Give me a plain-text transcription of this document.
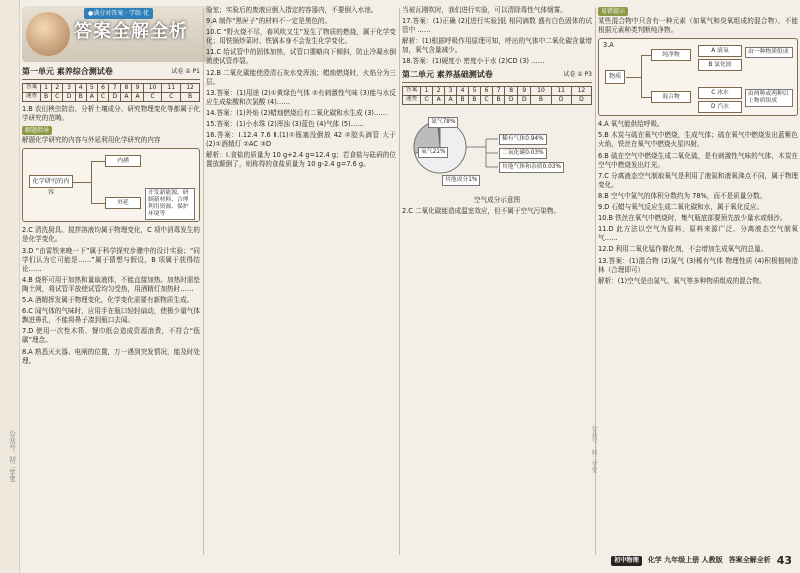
公众号：初二学堂
●满分对答案 · 学练·优
答案全解全析
第一单元 素养综合测试卷	试卷 ① P1
答案	1	2	3	4	5	6	7	8	9	10	11	12
速查	B	C	D	B	A	C	D	A	A	C	C	B
1.B 农田秧虫防治、分析土壤成分、研究物理变化等都属于化学研究的范畴。
解题指导
解题化学研究的内容与外延利用化学研究的内容
化学研究的内容
内涵
外延
开发新能源、研制新材料、合理利用资源、保护环境等
2.C 清洗厨具、搅拌溶液均属于物理变化，C 项中消毒发生的是化学变化。
3.D “由雷铁来晚一下”属于科学探究步骤中的设计实验；“同学们认为它可能是……”属于猜想与假设，B 项属于获得结论……
4.B 烧杯可用于加热和量取液体，不能直接加热。加热时需垫陶土网，将试管平放使试管均匀受热，用酒精灯加热时……
5.A 酒精挥发属于物理变化，化学变化需要有新物质生成。
6.C 闻气体的气味时，应用手在瓶口轻轻扇动，使极少量气体飘进鼻孔，不能将鼻子凑到瓶口去闻。
7.D 使用一次性木筷、餐巾纸会造成资源浪费，不符合“低碳”理念。
8.A 熟悉灭火器、电闸的位置，万一遇到突发情况，能及时处理。
验室；实验后的废液应倒入指定的容器内，不要倒入水池。
9.A 制作“黑匣子”的材料不一定是黑色的。
10.C “野火烧不尽，春风吹又生”发生了物质的燃烧，属于化学变化；用铁锅炒菜时、铁锅本身不会发生化学变化。
11.C 给试管中的固体加热，试管口要略向下倾斜，防止冷凝水倒流使试管炸裂。
12.B 二氧化碳能使澄清石灰水变浑浊；蜡烛燃烧时，火焰分为三层。
13.答案：(1)用途 (2)①黄绿色气体 ②有刺激性气味 (3)能与水反应生成盐酸和次氯酸 (4)……
14.答案：(1)外焰 (2)蜡烛燃烧后有二氧化碳和水生成 (3)……
15.答案：(1)小水珠 (2)浑浊 (3)蓝色 (4)气体 (5)……
16.答案：Ⅰ.12.4 7.6 Ⅱ.(1)①瓶塞没倒放 42 ②胶头滴管 大于 (2)①酒精灯 ②AC ③D
解析：Ⅰ.食盐的质量为 10 g+2.4 g=12.4 g；若食盐与砝码的位置放颠倒了，则称得的食盐质量为 10 g-2.4 g=7.6 g。
当被瓦刚吹时，我们进行实验，可以清除毒性气体烟雾。
17.答案：(1)正确 (2)[进行实验]低 相同滴数 盛有白色固体的试管中 ……
解析：(1)根据呼吸作用原理可知，呼出的气体中二氧化碳含量增加，氧气含量减少。
18.答案：(1)硬度小 密度小于水 (2)CD (3) ……
第二单元 素养基础测试卷	试卷 ① P3
答案	1	2	3	4	5	6	7	8	9	10	11	12
速查	C	A	A	B	B	C	B	D	D	B	D	D
氮气78%
氧气21%
其他成分1%
稀有气体0.94%
二氧化碳0.03%
其他气体和杂质0.03%
空气成分示意图
2.C 二氧化碳能造成温室效应，但不属于空气污染物。
易错提示
某些混合物中只含有一种元素（如氧气和臭氧组成的混合物），不能根据元素种类判断纯净物。
3.A
物质
纯净物
混合物
A 液氧
B 氯化铵
C 冰水
D 汽水
由一种物质组成
由两种或两种以上物质组成
4.A 氧气能供给呼吸。
5.B 木炭与硫在氧气中燃烧，生成气体；硫在氧气中燃烧发出蓝紫色火焰，铁丝在氧气中燃烧火星四射。
6.B 硫在空气中燃烧生成二氧化硫，是有刺激性气味的气体，木炭在空气中燃烧发出红光。
7.C 分离液态空气制取氧气是利用了液氮和液氧沸点不同，属于物理变化。
8.B 空气中氮气的体积分数约为 78%，而不是质量分数。
9.D 石蜡与氧气反应生成二氧化碳和水，属于氧化反应。
10.B 铁丝在氧气中燃烧时，集气瓶底部要预先放少量水或细沙。
11.D 此方法以空气为原料，原料来源广泛，分离液态空气制氧气……
12.D 利用二氧化锰作催化剂，不会增加生成氧气的总量。
13.答案：(1)混合物 (2)氮气 (3)稀有气体 物理性质 (4)积极植树造林（合理即可）
解析：(1)空气是由氮气、氧气等多种物质组成的混合物。
公众号：初二学堂
初中物理	化学 九年级上册 人教版 答案全解全析 43
